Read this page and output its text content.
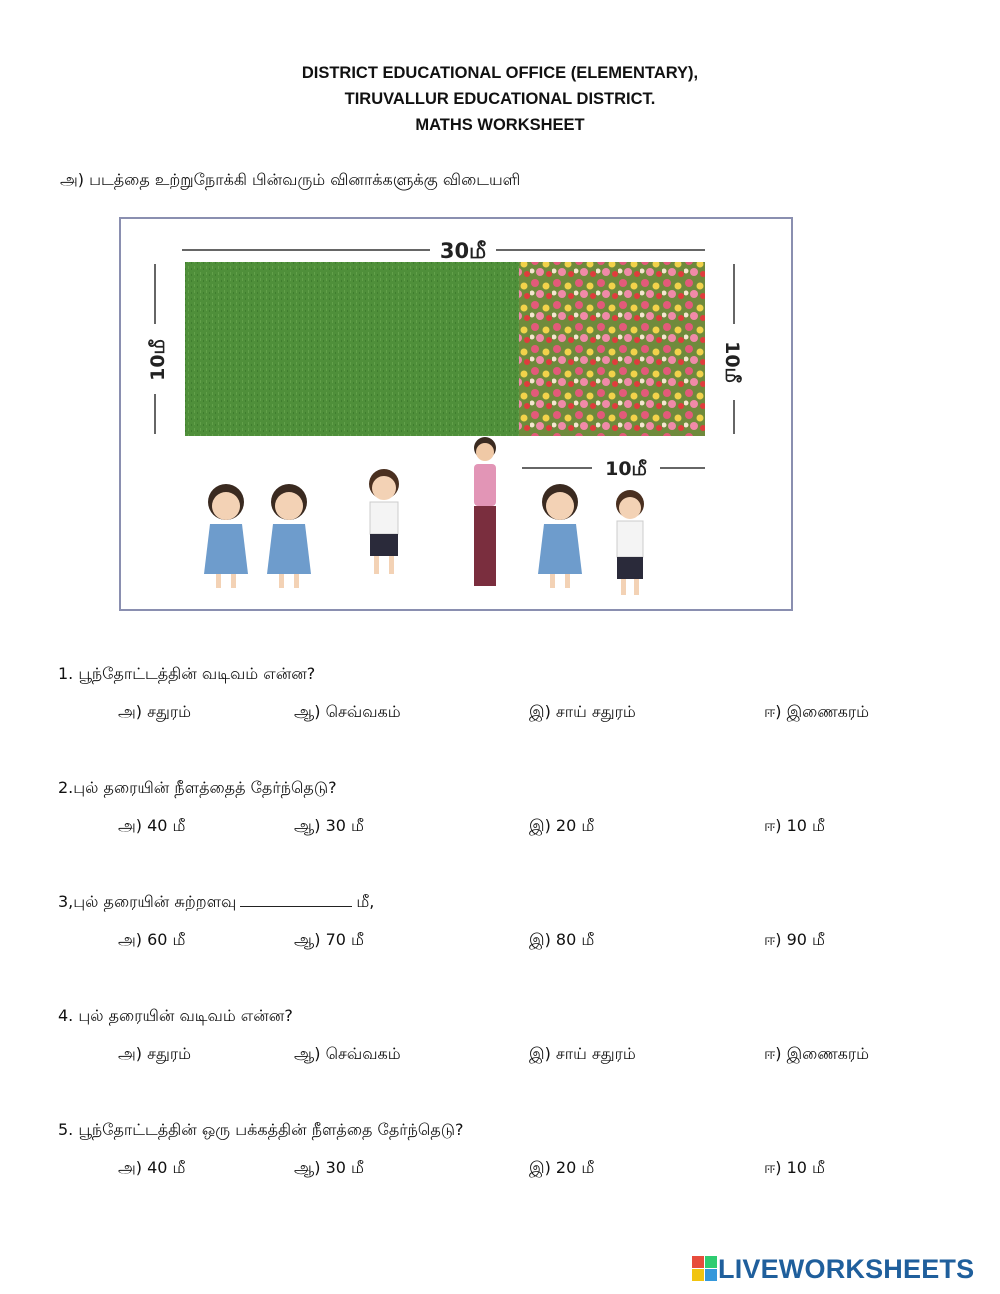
DISTRICT EDUCATIONAL OFFICE (ELEMENTARY),
TIRUVALLUR EDUCATIONAL DISTRICT.
MATHS WORKSHEET
அ) படத்தை உற்றுநோக்கி பின்வரும் வினாக்களுக்கு விடையளி
30மீ
10மீ	10மீ
10மீ
1. பூந்தோட்டத்தின் வடிவம் என்ன?
அ) சதுரம்	ஆ) செவ்வகம்	இ) சாய் சதுரம்	ஈ) இணைகரம்
2.புல் தரையின் நீளத்தைத் தேர்ந்தெடு?
அ) 40 மீ	ஆ) 30 மீ	இ) 20 மீ	ஈ) 10 மீ
3,புல் தரையின் சுற்றளவு	மீ,
அ) 60 மீ	ஆ) 70 மீ	இ) 80 மீ	ஈ) 90 மீ
4. புல் தரையின் வடிவம் என்ன?
அ) சதுரம்	ஆ) செவ்வகம்	இ) சாய் சதுரம்	ஈ) இணைகரம்
5. பூந்தோட்டத்தின் ஒரு பக்கத்தின் நீளத்தை தேர்ந்தெடு?
அ) 40 மீ	ஆ) 30 மீ	இ) 20 மீ	ஈ) 10 மீ
LIVEWORKSHEETS
